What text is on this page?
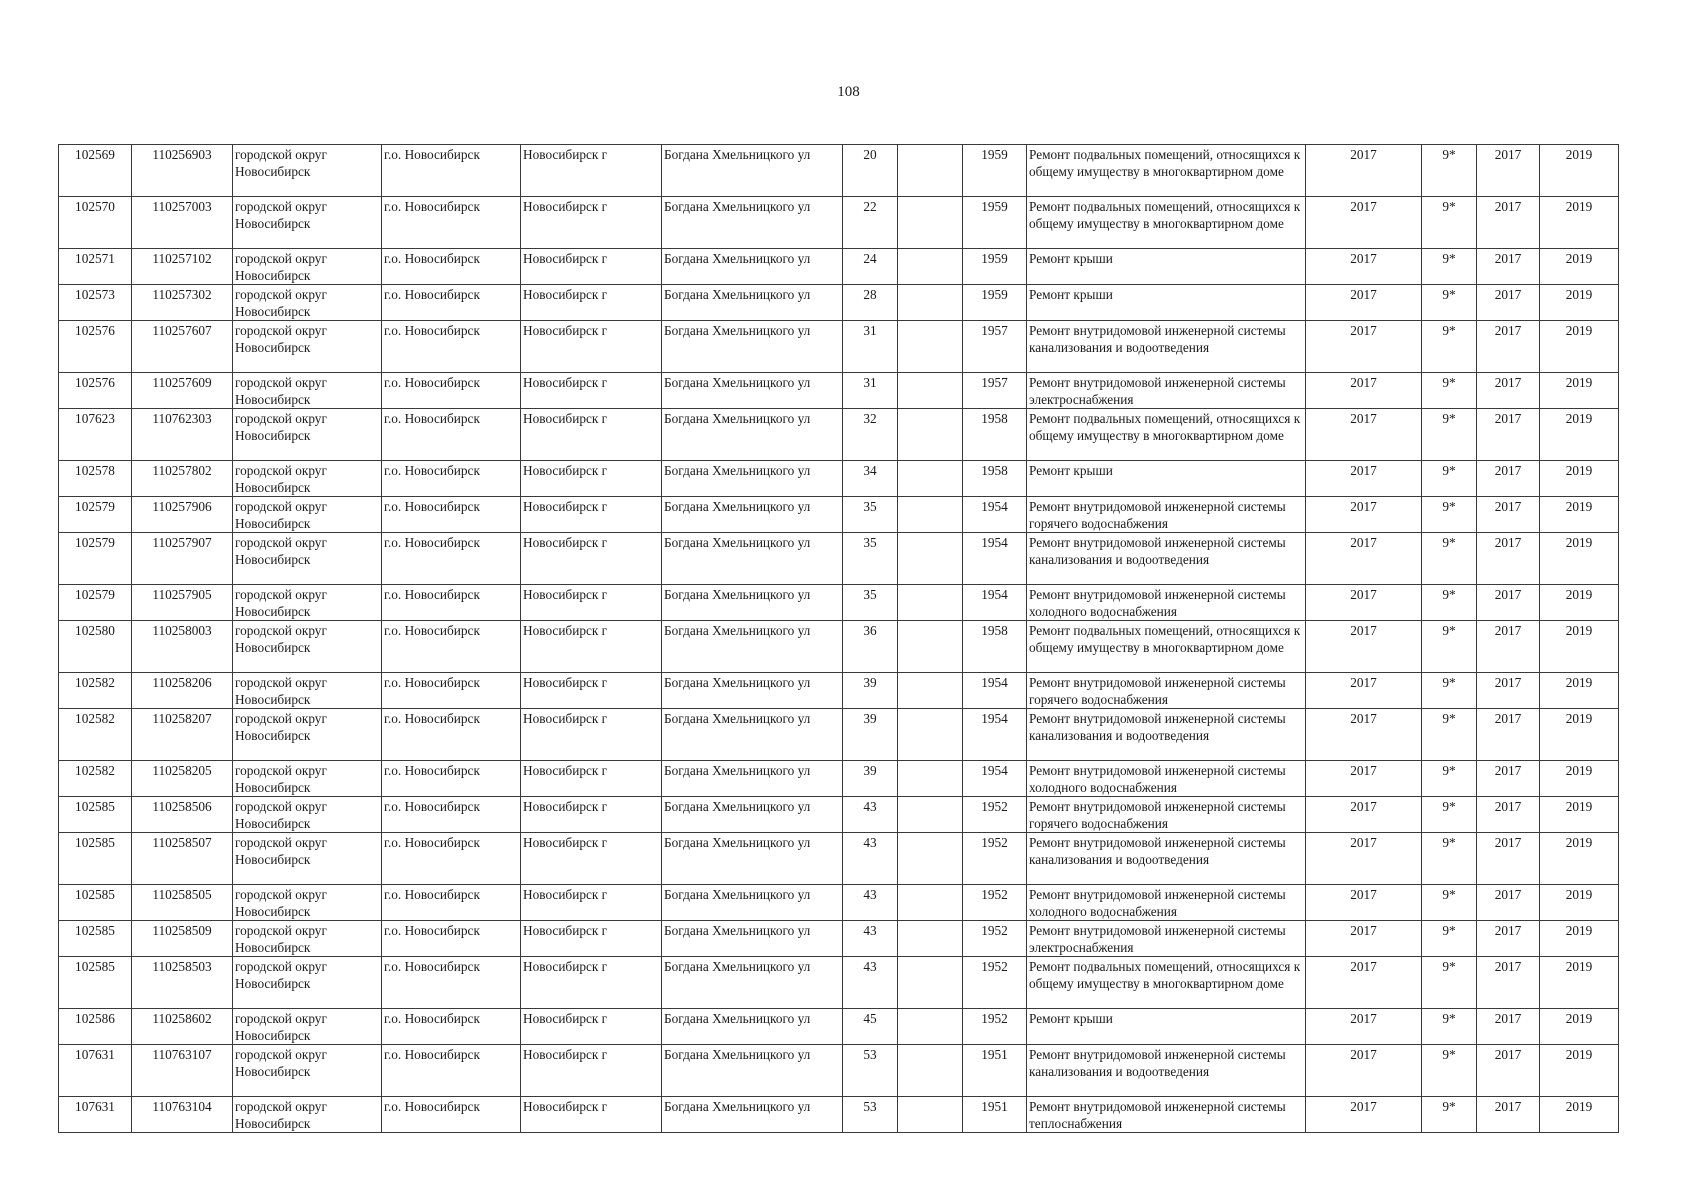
108
102569	110256903	городской округ Новосибирск	г.о. Новосибирск	Новосибирск г	Богдана Хмельницкого ул	20		1959	Ремонт подвальных помещений, относящихся к общему имуществу в многоквартирном доме	2017	9*	2017	2019
102570	110257003	городской округ Новосибирск	г.о. Новосибирск	Новосибирск г	Богдана Хмельницкого ул	22		1959	Ремонт подвальных помещений, относящихся к общему имуществу в многоквартирном доме	2017	9*	2017	2019
102571	110257102	городской округ Новосибирск	г.о. Новосибирск	Новосибирск г	Богдана Хмельницкого ул	24		1959	Ремонт крыши	2017	9*	2017	2019
102573	110257302	городской округ Новосибирск	г.о. Новосибирск	Новосибирск г	Богдана Хмельницкого ул	28		1959	Ремонт крыши	2017	9*	2017	2019
102576	110257607	городской округ Новосибирск	г.о. Новосибирск	Новосибирск г	Богдана Хмельницкого ул	31		1957	Ремонт внутридомовой инженерной системы канализования и водоотведения	2017	9*	2017	2019
102576	110257609	городской округ Новосибирск	г.о. Новосибирск	Новосибирск г	Богдана Хмельницкого ул	31		1957	Ремонт внутридомовой инженерной системы электроснабжения	2017	9*	2017	2019
107623	110762303	городской округ Новосибирск	г.о. Новосибирск	Новосибирск г	Богдана Хмельницкого ул	32		1958	Ремонт подвальных помещений, относящихся к общему имуществу в многоквартирном доме	2017	9*	2017	2019
102578	110257802	городской округ Новосибирск	г.о. Новосибирск	Новосибирск г	Богдана Хмельницкого ул	34		1958	Ремонт крыши	2017	9*	2017	2019
102579	110257906	городской округ Новосибирск	г.о. Новосибирск	Новосибирск г	Богдана Хмельницкого ул	35		1954	Ремонт внутридомовой инженерной системы горячего водоснабжения	2017	9*	2017	2019
102579	110257907	городской округ Новосибирск	г.о. Новосибирск	Новосибирск г	Богдана Хмельницкого ул	35		1954	Ремонт внутридомовой инженерной системы канализования и водоотведения	2017	9*	2017	2019
102579	110257905	городской округ Новосибирск	г.о. Новосибирск	Новосибирск г	Богдана Хмельницкого ул	35		1954	Ремонт внутридомовой инженерной системы холодного водоснабжения	2017	9*	2017	2019
102580	110258003	городской округ Новосибирск	г.о. Новосибирск	Новосибирск г	Богдана Хмельницкого ул	36		1958	Ремонт подвальных помещений, относящихся к общему имуществу в многоквартирном доме	2017	9*	2017	2019
102582	110258206	городской округ Новосибирск	г.о. Новосибирск	Новосибирск г	Богдана Хмельницкого ул	39		1954	Ремонт внутридомовой инженерной системы горячего водоснабжения	2017	9*	2017	2019
102582	110258207	городской округ Новосибирск	г.о. Новосибирск	Новосибирск г	Богдана Хмельницкого ул	39		1954	Ремонт внутридомовой инженерной системы канализования и водоотведения	2017	9*	2017	2019
102582	110258205	городской округ Новосибирск	г.о. Новосибирск	Новосибирск г	Богдана Хмельницкого ул	39		1954	Ремонт внутридомовой инженерной системы холодного водоснабжения	2017	9*	2017	2019
102585	110258506	городской округ Новосибирск	г.о. Новосибирск	Новосибирск г	Богдана Хмельницкого ул	43		1952	Ремонт внутридомовой инженерной системы горячего водоснабжения	2017	9*	2017	2019
102585	110258507	городской округ Новосибирск	г.о. Новосибирск	Новосибирск г	Богдана Хмельницкого ул	43		1952	Ремонт внутридомовой инженерной системы канализования и водоотведения	2017	9*	2017	2019
102585	110258505	городской округ Новосибирск	г.о. Новосибирск	Новосибирск г	Богдана Хмельницкого ул	43		1952	Ремонт внутридомовой инженерной системы холодного водоснабжения	2017	9*	2017	2019
102585	110258509	городской округ Новосибирск	г.о. Новосибирск	Новосибирск г	Богдана Хмельницкого ул	43		1952	Ремонт внутридомовой инженерной системы электроснабжения	2017	9*	2017	2019
102585	110258503	городской округ Новосибирск	г.о. Новосибирск	Новосибирск г	Богдана Хмельницкого ул	43		1952	Ремонт подвальных помещений, относящихся к общему имуществу в многоквартирном доме	2017	9*	2017	2019
102586	110258602	городской округ Новосибирск	г.о. Новосибирск	Новосибирск г	Богдана Хмельницкого ул	45		1952	Ремонт крыши	2017	9*	2017	2019
107631	110763107	городской округ Новосибирск	г.о. Новосибирск	Новосибирск г	Богдана Хмельницкого ул	53		1951	Ремонт внутридомовой инженерной системы канализования и водоотведения	2017	9*	2017	2019
107631	110763104	городской округ Новосибирск	г.о. Новосибирск	Новосибирск г	Богдана Хмельницкого ул	53		1951	Ремонт внутридомовой инженерной системы теплоснабжения	2017	9*	2017	2019
